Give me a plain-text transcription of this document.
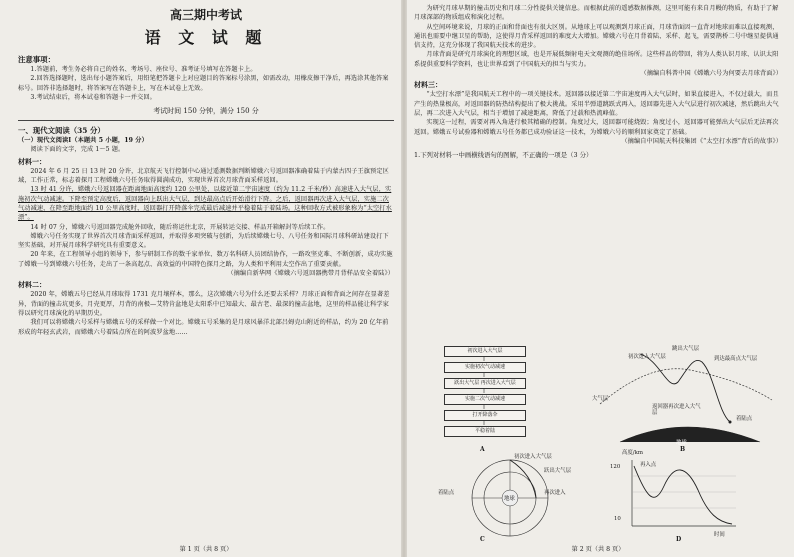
高三期中考试
语 文 试 题
注意事项：

1.答题前，考生务必将自己的姓名、考场号、座位号、准考证号填写在答题卡上。

2.回答选择题时，选出每小题答案后，用铅笔把答题卡上对应题目的答案标号涂黑，如需改动，用橡皮擦干净后，再选涂其他答案标号。回答非选择题时，将答案写在答题卡上，写在本试卷上无效。

3.考试结束后，将本试卷和答题卡一并交回。

考试时间 150 分钟，满分 150 分
一、现代文阅读（35 分）
（一）现代文阅读Ⅰ（本题共 5 小题，19 分）
阅读下面的文字，完成 1～5 题。
材料一：

2024 年 6 月 25 日 13 时 20 分许，北京航天飞行控制中心通过遥测数据判断嫦娥六号返回器准确着陆于内蒙古四子王旗预定区域，工作正常，标志着探月工程嫦娥六号任务取得圆满成功，实现世界首次月球背面采样返回。

13 时 41 分许，嫦娥六号返回器在距离地面高度约 120 公里处，以接近第二宇宙速度（约为 11.2 千米/秒）高速进入大气层，实施初次气动减速。下降至预定高度后，返回器向上跃出大气层，到达最高点后开始滑行下降。之后，返回器再次进入大气层，实施二次气动减速，在降至距地面约 10 公里高度时，返回器打开降落伞完成最后减速并平稳着陆于着陆场。这种回收方式被形象称为“太空打水漂”。

14 时 07 分，嫦娥六号返回器完成舱外回收，随后将运往北京，开展转运交接、样品开箱解封等后续工作。

嫦娥六号任务实现了世界首次月球背面采样返回，并取得多项突破与创新，为后续嫦娥七号、八号任务和国际月球科研站建设打下坚实基础，对开展月球科学研究具有重要意义。

20 年来，在工程领导小组的领导下，参与研制工作的数千家单位、数万名科研人员团结协作，一路攻坚克难、不断创新，成功实施了嫦娥一号到嫦娥六号任务，走出了一条高起点、高效益的中国特色探月之路，为人类和平利用太空作出了重要贡献。

（摘编自新华网《嫦娥六号返回器携带月背样品安全着陆》）

材料二：

2020 年，嫦娥五号已经从月球取得 1731 克月壤样本，那么，这次嫦娥六号为什么还要去采样？月球正面和背面之间存在显著差异，背面的撞击坑更多，月壳更厚，月背的南极—艾特肯盆地是太阳系中已知最大、最古老、最深的撞击盆地，这里的样品能让科学家得以研究月球演化的早期历史。

我们可以将嫦娥六号采样与嫦娥五号的采样做一个对比。嫦娥五号采集的是月球风暴洋北部吕姆克山附近的样品，约为 20 亿年前形成的年轻玄武岩，而嫦娥六号着陆点所在的阿波罗盆地……

第 1 页（共 8 页）

为研究月球早期的撞击历史和月球二分性提供关键信息。而根据此前的遥感数据推测，这里可能有来自月幔的物质，有助于了解月球深部的物质组成和演化过程。

从空间环境来说，月球的正面和背面也有很大区别。从地球上可以观测到月球正面，月球背面因一直背对地球而难以直接观测，通讯也需要中继卫星的帮助，这使得月背采样返回的难度大大增加。嫦娥六号在月背着陆、采样、起飞，需要鹊桥二号中继星提供通信支持，这充分体现了我国航天技术的进步。

月球背面是研究月球演化的理想区域，也是开展低频射电天文观测的绝佳场所。这些样品的带回，将为人类认识月球、认识太阳系提供重要科学资料，也让世界看到了中国航天的担当与实力。

（摘编自科普中国《嫦娥六号为何要去月球背面》）

材料三：

“太空打水漂”是我国航天工程中的一项关键技术。返回器以接近第二宇宙速度再入大气层时，如果直接进入，不仅过载大，而且产生的热量极高，对返回器的防热结构提出了极大挑战。采用半弹道跳跃式再入，返回器先进入大气层进行初次减速，然后跳出大气层，再二次进入大气层，相当于增加了减速距离，降低了过载和热流峰值。

实现这一过程，需要对再入角进行极其精确的控制。角度过大，返回器可能烧毁；角度过小，返回器可能弹出大气层后无法再次返回。嫦娥五号试验器和嫦娥五号任务都已成功验证这一技术，为嫦娥六号的顺利回家奠定了基础。

（摘编自中国航天科技集团《“太空打水漂”背后的故事》）

1.下列对材料一中画横线语句的图解，不正确的一项是（3 分）
初次进入大气层
实施初次气动减速
跃出大气层 再次进入大气层
实施二次气动减速
打开降落伞
平稳着陆
A
跳出大气层
初次进入大气层	到达最高点大气层
大气层
返回器再次进入大气层
着陆点
地球
B
初次进入大气层
跃出大气层
再次进入
着陆点
地球
C
高度/km
时间
120
10
再入点
D
第 2 页（共 8 页）
